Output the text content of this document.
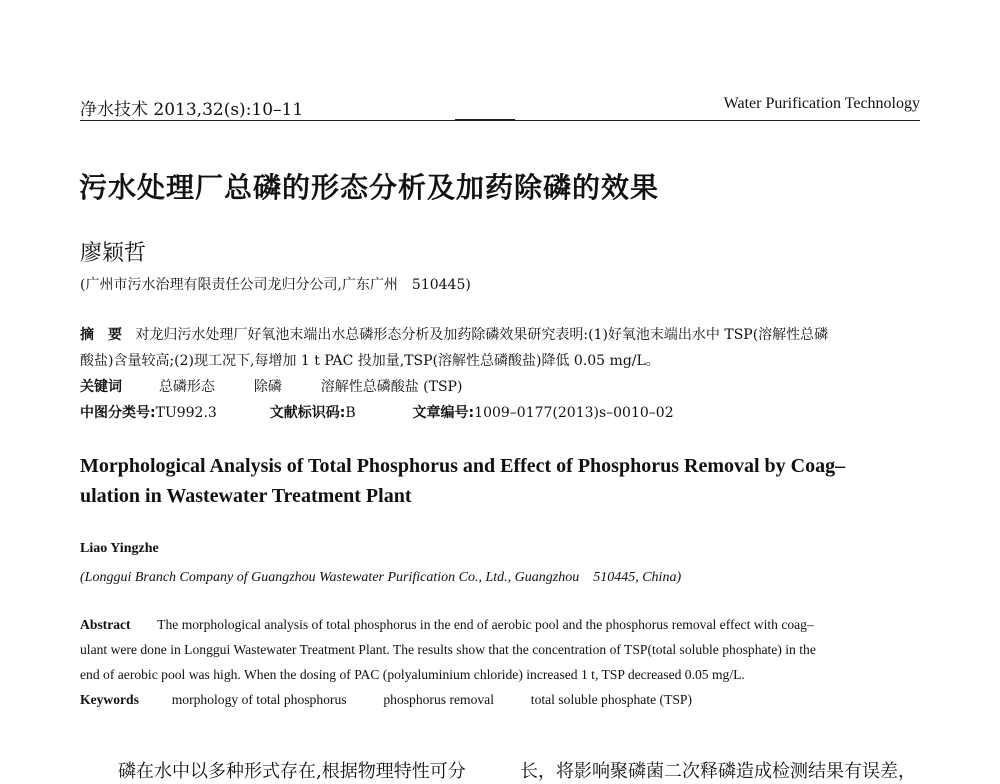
净水技术 2013,32(s):10–11	Water Purification Technology
污水处理厂总磷的形态分析及加药除磷的效果
廖颖哲
(广州市污水治理有限责任公司龙归分公司,广东广州　510445)
摘　要 对龙归污水处理厂好氧池末端出水总磷形态分析及加药除磷效果研究表明:(1)好氧池末端出水中 TSP(溶解性总磷
酸盐)含量较高;(2)现工况下,每增加 1 t PAC 投加量,TSP(溶解性总磷酸盐)降低 0.05 mg/L。
关键词	总磷形态	除磷	溶解性总磷酸盐 (TSP)
中图分类号:TU992.3	文献标识码:B	文章编号:1009–0177(2013)s–0010–02
Morphological Analysis of Total Phosphorus and Effect of Phosphorus Removal by Coag–
ulation in Wastewater Treatment Plant
Liao Yingzhe
(Longgui Branch Company of Guangzhou Wastewater Purification Co., Ltd., Guangzhou　510445, China)
Abstract The morphological analysis of total phosphorus in the end of aerobic pool and the phosphorus removal effect with coag–
ulant were done in Longgui Wastewater Treatment Plant. The results show that the concentration of TSP(total soluble phosphate) in the
end of aerobic pool was high. When the dosing of PAC (polyaluminium chloride) increased 1 t, TSP decreased 0.05 mg/L.
Keywords morphology of total phosphorus	phosphorus removal	total soluble phosphate (TSP)
磷在水中以多种形式存在,根据物理特性可分	长，将影响聚磷菌二次释磷造成检测结果有误差，
